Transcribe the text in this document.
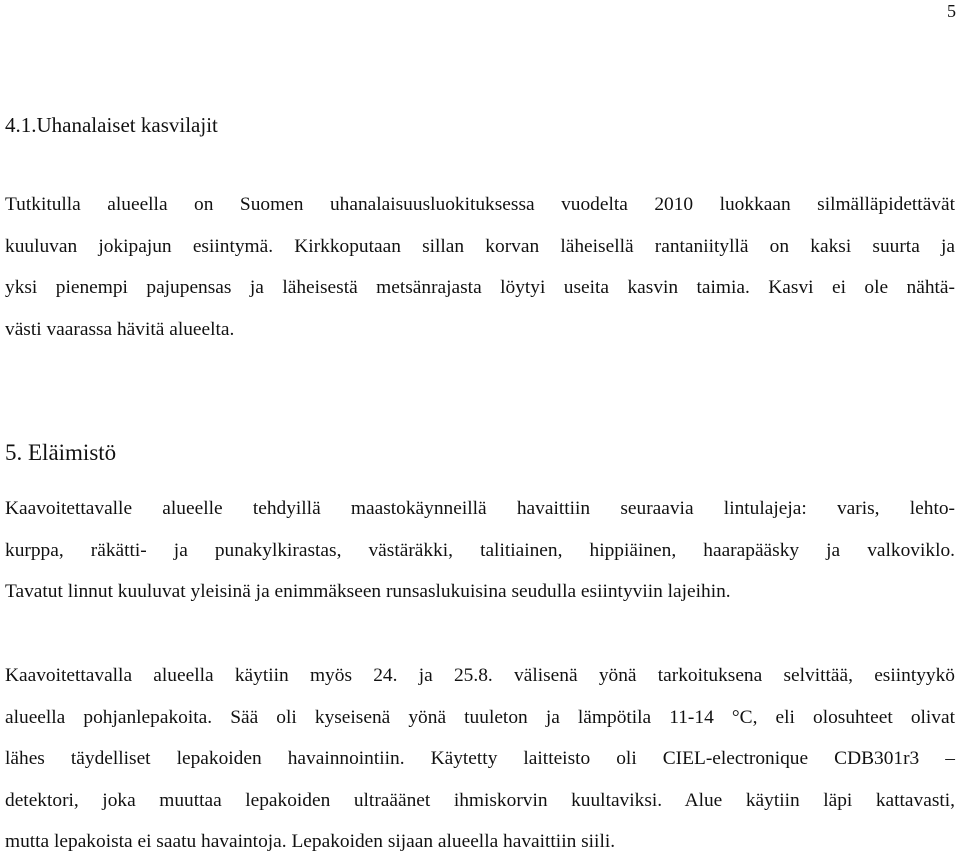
5
4.1.Uhanalaiset kasvilajit

Tutkitulla alueella on Suomen uhanalaisuusluokituksessa vuodelta 2010 luokkaan silmälläpidettävät
kuuluvan jokipajun esiintymä. Kirkkoputaan sillan korvan läheisellä rantaniityllä on kaksi suurta ja
yksi pienempi pajupensas ja läheisestä metsänrajasta löytyi useita kasvin taimia. Kasvi ei ole nähtä-
västi vaarassa hävitä alueelta.

5. Eläimistö

Kaavoitettavalle alueelle tehdyillä maastokäynneillä havaittiin seuraavia lintulajeja: varis, lehto-
kurppa, räkätti- ja punakylkirastas, västäräkki, talitiainen, hippiäinen, haarapääsky ja valkoviklo.
Tavatut linnut kuuluvat yleisinä ja enimmäkseen runsaslukuisina seudulla esiintyviin lajeihin.

Kaavoitettavalla alueella käytiin myös 24. ja 25.8. välisenä yönä tarkoituksena selvittää, esiintyykö
alueella pohjanlepakoita. Sää oli kyseisenä yönä tuuleton ja lämpötila 11-14 °C, eli olosuhteet olivat
lähes täydelliset lepakoiden havainnointiin. Käytetty laitteisto oli CIEL-electronique CDB301r3 –
detektori, joka muuttaa lepakoiden ultraäänet ihmiskorvin kuultaviksi. Alue käytiin läpi kattavasti,
mutta lepakoista ei saatu havaintoja. Lepakoiden sijaan alueella havaittiin siili.
